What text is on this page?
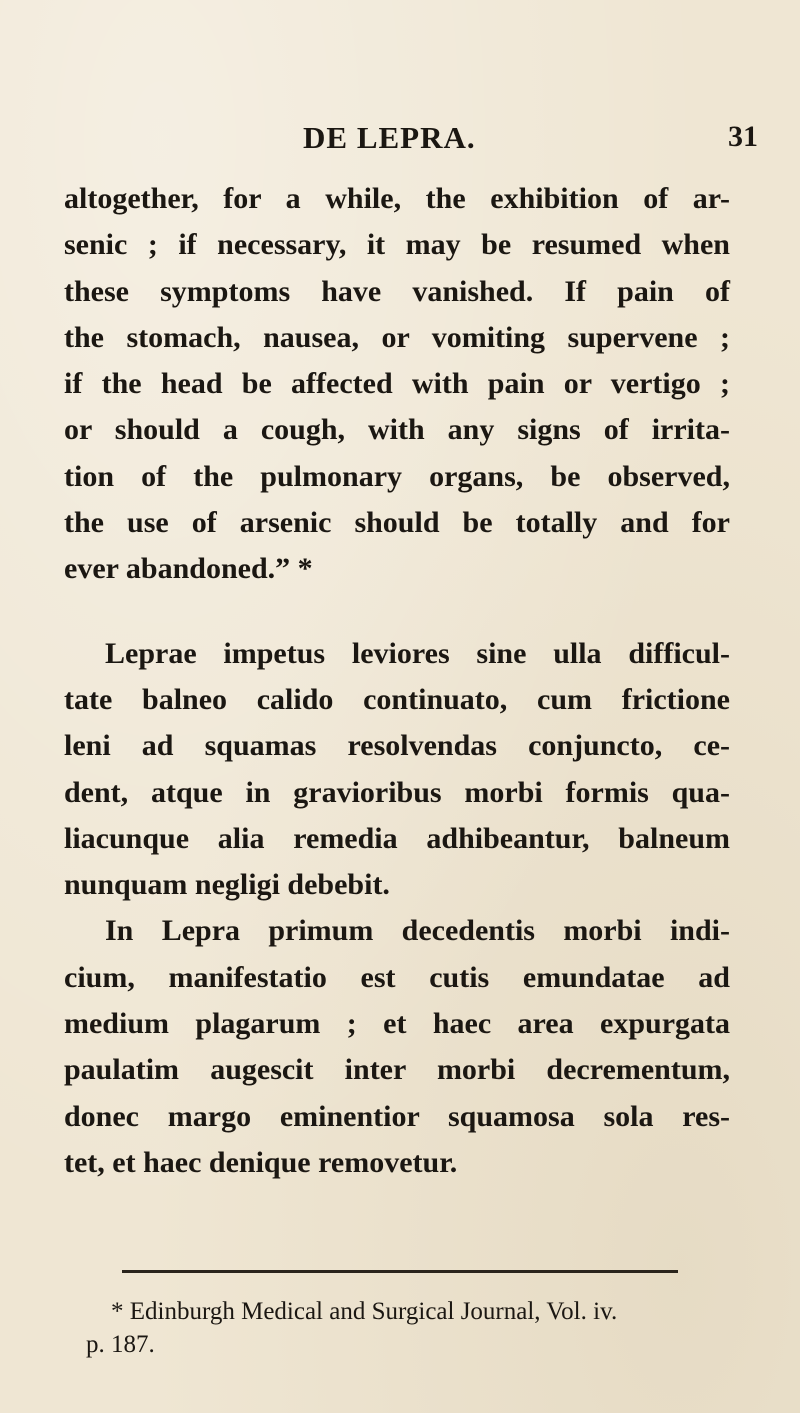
DE LEPRA.	31
altogether, for a while, the exhibition of ar-
senic ; if necessary, it may be resumed when
these symptoms have vanished. If pain of
the stomach, nausea, or vomiting supervene ;
if the head be affected with pain or vertigo ;
or should a cough, with any signs of irrita-
tion of the pulmonary organs, be observed,
the use of arsenic should be totally and for
ever abandoned.” *
Leprae impetus leviores sine ulla difficul-
tate balneo calido continuato, cum frictione
leni ad squamas resolvendas conjuncto, ce-
dent, atque in gravioribus morbi formis qua-
liacunque alia remedia adhibeantur, balneum
nunquam negligi debebit.
In Lepra primum decedentis morbi indi-
cium, manifestatio est cutis emundatae ad
medium plagarum ; et haec area expurgata
paulatim augescit inter morbi decrementum,
donec margo eminentior squamosa sola res-
tet, et haec denique removetur.
* Edinburgh Medical and Surgical Journal, Vol. iv.
p. 187.
